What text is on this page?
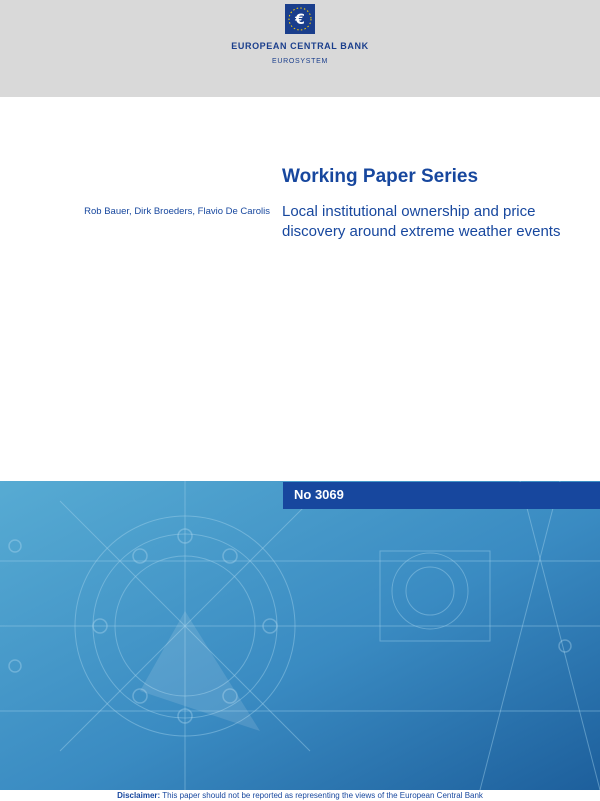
€
EUROPEAN CENTRAL BANK
EUROSYSTEM
Working Paper Series
Rob Bauer, Dirk Broeders, Flavio De Carolis Local institutional ownership and price discovery around extreme weather events
No 3069
Disclaimer: This paper should not be reported as representing the views of the European Central Bank
